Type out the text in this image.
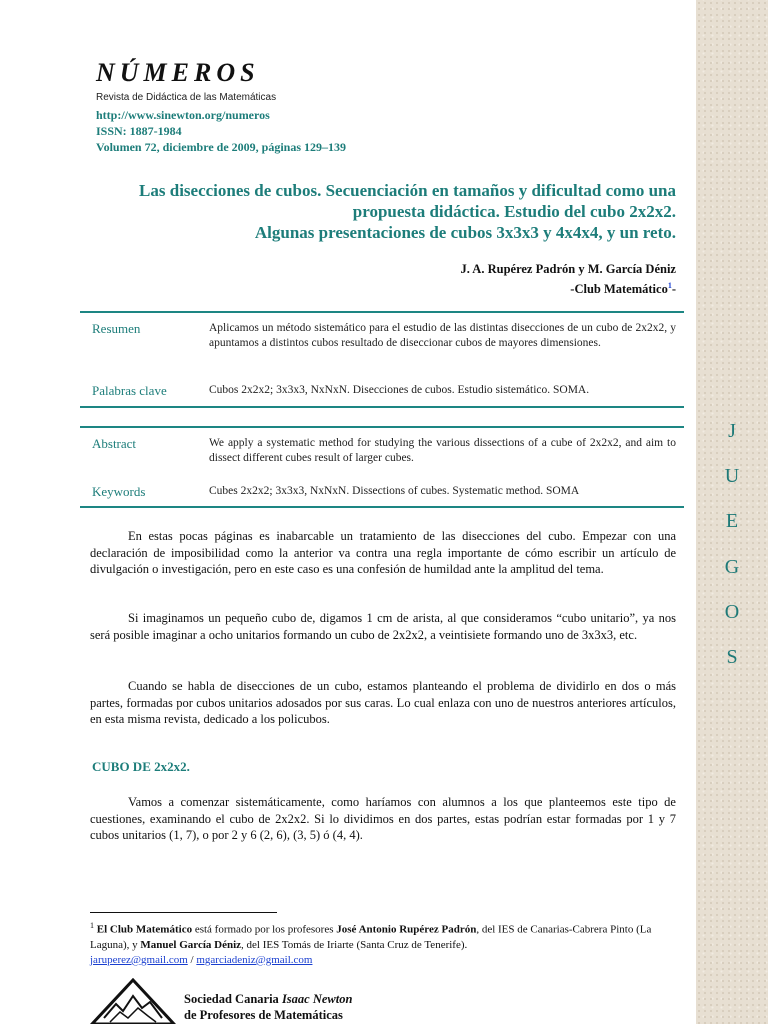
J
U
E
G
O
S
NÚMEROS
Revista de Didáctica de las Matemáticas
http://www.sinewton.org/numeros
ISSN: 1887-1984
Volumen 72, diciembre de 2009, páginas 129–139
Las disecciones de cubos. Secuenciación en tamaños y dificultad como una
propuesta didáctica. Estudio del cubo 2x2x2.
Algunas presentaciones de cubos 3x3x3 y 4x4x4, y un reto.
J. A. Rupérez Padrón y M. García Déniz
-Club Matemático$^1$-
Resumen	Aplicamos un método sistemático para el estudio de las distintas disecciones de un cubo de 2x2x2, y apuntamos a distintos cubos resultado de diseccionar cubos de mayores dimensiones.
Palabras clave	Cubos 2x2x2; 3x3x3, NxNxN. Disecciones de cubos. Estudio sistemático. SOMA.
Abstract	We apply a systematic method for studying the various dissections of a cube of 2x2x2, and aim to dissect different cubes result of larger cubes.
Keywords	Cubes 2x2x2; 3x3x3, NxNxN. Dissections of cubes. Systematic method. SOMA
En estas pocas páginas es inabarcable un tratamiento de las disecciones del cubo. Empezar con una declaración de imposibilidad como la anterior va contra una regla importante de cómo escribir un artículo de divulgación o investigación, pero en este caso es una confesión de humildad ante la amplitud del tema.
Si imaginamos un pequeño cubo de, digamos 1 cm de arista, al que consideramos “cubo unitario”, ya nos será posible imaginar a ocho unitarios formando un cubo de 2x2x2, a veintisiete formando uno de 3x3x3, etc.
Cuando se habla de disecciones de un cubo, estamos planteando el problema de dividirlo en dos o más partes, formadas por cubos unitarios adosados por sus caras. Lo cual enlaza con uno de nuestros anteriores artículos, en esta misma revista, dedicado a los policubos.
CUBO DE 2x2x2.
Vamos a comenzar sistemáticamente, como haríamos con alumnos a los que planteemos este tipo de cuestiones, examinando el cubo de 2x2x2. Si lo dividimos en dos partes, estas podrían estar formadas por 1 y 7 cubos unitarios (1, 7), o por 2 y 6 (2, 6), (3, 5) ó (4, 4).
$^1$ El Club Matemático está formado por los profesores José Antonio Rupérez Padrón, del IES de Canarias-Cabrera Pinto (La Laguna), y Manuel García Déniz, del IES Tomás de Iriarte (Santa Cruz de Tenerife).
jaruperez@gmail.com / mgarciadeniz@gmail.com
Sociedad Canaria Isaac Newton
de Profesores de Matemáticas
